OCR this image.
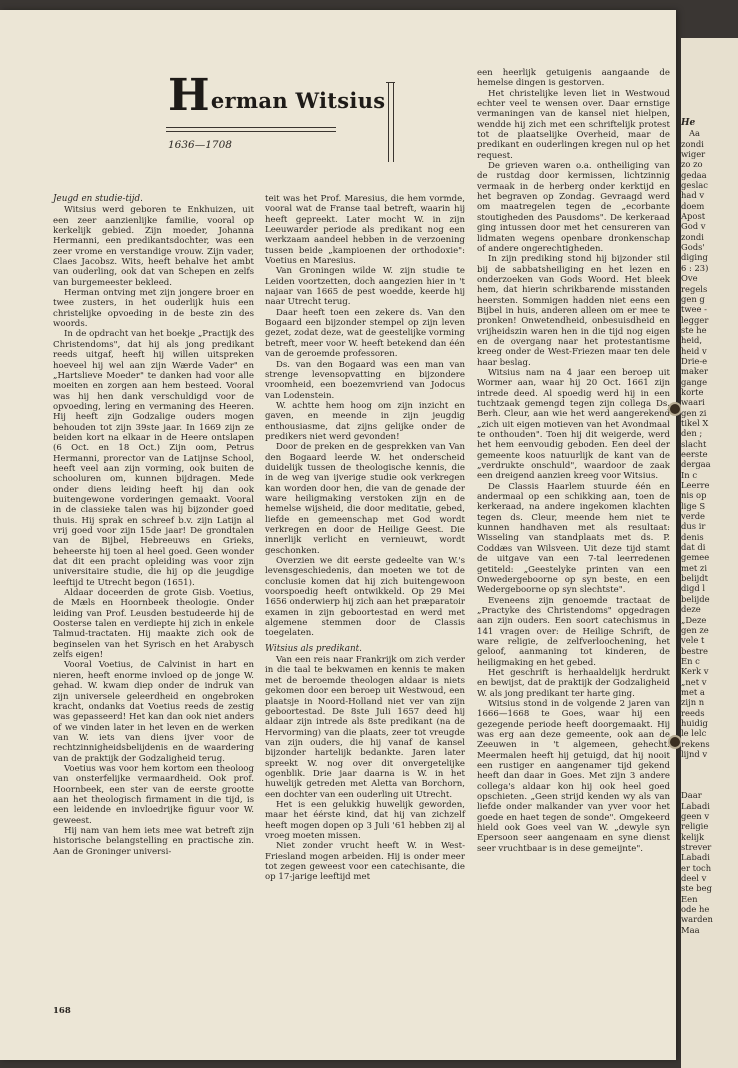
H erman Witsius
1636—1708
Jeugd en studie-tijd.

Witsius werd geboren te Enkhuizen, uit een zeer aanzienlijke familie, vooral op kerkelijk gebied. Zijn moeder, Johanna Hermanni, een predikantsdochter, was een zeer vrome en verstandige vrouw. Zijn vader, Claes Jacobsz. Wits, heeft behalve het ambt van ouderling, ook dat van Schepen en zelfs van burgemeester bekleed.

Herman ontving met zijn jongere broer en twee zusters, in het ouderlijk huis een christelijke opvoeding in de beste zin des woords.

In de opdracht van het boekje „Practijk des Christendoms", dat hij als jong predikant reeds uitgaf, heeft hij willen uitspreken hoeveel hij wel aan zijn Wærde Vader" en „Hartslieve Moeder" te danken had voor alle moeiten en zorgen aan hem besteed. Vooral was hij hen dank verschuldigd voor de opvoeding, lering en vermaning des Heeren. Hij heeft zijn Godzalige ouders mogen behouden tot zijn 39ste jaar. In 1669 zijn ze beiden kort na elkaar in de Heere ontslapen (6 Oct. en 18 Oct.) Zijn oom, Petrus Hermanni, prorector van de Latijnse School, heeft veel aan zijn vorming, ook buiten de schooluren om, kunnen bijdragen. Mede onder diens leiding heeft hij dan ook buitengewone vorderingen gemaakt. Vooral in de classieke talen was hij bijzonder goed thuis. Hij sprak en schreef b.v. zijn Latijn al vrij goed voor zijn 15de jaar! De grondtalen van de Bijbel, Hebreeuws en Grieks, beheerste hij toen al heel goed. Geen wonder dat dit een pracht opleiding was voor zijn universitaire studie, die hij op die jeugdige leeftijd te Utrecht begon (1651).

Aldaar doceerden de grote Gisb. Voetius, de Mæls en Hoornbeek theologie. Onder leiding van Prof. Leusden bestudeerde hij de Oosterse talen en verdiepte hij zich in enkele Talmud-tractaten. Hij maakte zich ook de beginselen van het Syrisch en het Arabysch zelfs eigen!

Vooral Voetius, de Calvinist in hart en nieren, heeft enorme invloed op de jonge W. gehad. W. kwam diep onder de indruk van zijn universele geleerdheid en ongebroken kracht, ondanks dat Voetius reeds de zestig was gepasseerd! Het kan dan ook niet anders of we vinden later in het leven en de werken van W. iets van diens ijver voor de rechtzinnigheidsbelijdenis en de waardering van de praktijk der Godzaligheid terug.

Voetius was voor hem kortom een theoloog van onsterfelijke vermaardheid. Ook prof. Hoornbeek, een ster van de eerste grootte aan het theologisch firmament in die tijd, is een leidende en invloedrijke figuur voor W. geweest.

Hij nam van hem iets mee wat betreft zijn historische belangstelling en practische zin. Aan de Groninger universi-

teit was het Prof. Maresius, die hem vormde, vooral wat de Franse taal betreft, waarin hij heeft gepreekt. Later mocht W. in zijn Leeuwarder periode als predikant nog een werkzaam aandeel hebben in de verzoening tussen beide „kampioenen der orthodoxie": Voetius en Maresius.

Van Groningen wilde W. zijn studie te Leiden voortzetten, doch aangezien hier in 't najaar van 1665 de pest woedde, keerde hij naar Utrecht terug.

Daar heeft toen een zekere ds. Van den Bogaard een bijzonder stempel op zijn leven gezet, zodat deze, wat de geestelijke vorming betreft, meer voor W. heeft betekend dan één van de geroemde professoren.

Ds. van den Bogaard was een man van strenge levensopvatting en bijzondere vroomheid, een boezemvriend van Jodocus van Lodenstein.

W. achtte hem hoog om zijn inzicht en gaven, en meende in zijn jeugdig enthousiasme, dat zijns gelijke onder de predikers niet werd gevonden!

Door de preken en de gesprekken van Van den Bogaard leerde W. het onderscheid duidelijk tussen de theologische kennis, die in de weg van ijverige studie ook verkregen kan worden door hen, die van de genade der ware heiligmaking verstoken zijn en de hemelse wijsheid, die door meditatie, gebed, liefde en gemeenschap met God wordt verkregen en door de Heilige Geest. Die innerlijk verlicht en vernieuwt, wordt geschonken.

Overzien we dit eerste gedeelte van W.'s levensgeschiedenis, dan moeten we tot de conclusie komen dat hij zich buitengewoon voorspoedig heeft ontwikkeld. Op 29 Mei 1656 onderwierp hij zich aan het præparatoir examen in zijn geboortestad en werd met algemene stemmen door de Classis toegelaten.

Witsius als predikant.

Van een reis naar Frankrijk om zich verder in die taal te bekwamen en kennis te maken met de beroemde theologen aldaar is niets gekomen door een beroep uit Westwoud, een plaatsje in Noord-Holland niet ver van zijn geboortestad. De 8ste Juli 1657 deed hij aldaar zijn intrede als 8ste predikant (na de Hervorming) van die plaats, zeer tot vreugde van zijn ouders, die hij vanaf de kansel bijzonder hartelijk bedankte. Jaren later spreekt W. nog over dit onvergetelijke ogenblik. Drie jaar daarna is W. in het huwelijk getreden met Aletta van Borchorn, een dochter van een ouderling uit Utrecht.

Het is een gelukkig huwelijk geworden, maar het éérste kind, dat hij van zichzelf heeft mogen dopen op 3 Juli '61 hebben zij al vroeg moeten missen.

Niet zonder vrucht heeft W. in West-Friesland mogen arbeiden. Hij is onder meer tot zegen geweest voor een catechisante, die op 17-jarige leeftijd met

een heerlijk getuigenis aangaande de hemelse dingen is gestorven.

Het christelijke leven liet in Westwoud echter veel te wensen over. Daar ernstige vermaningen van de kansel niet hielpen, wendde hij zich met een schriftelijk protest tot de plaatselijke Overheid, maar de predikant en ouderlingen kregen nul op het request.

De grieven waren o.a. ontheiliging van de rustdag door kermissen, lichtzinnig vermaak in de herberg onder kerktijd en het begraven op Zondag. Gevraagd werd om maatregelen tegen de „ecorbante stoutigheden des Pausdoms". De kerkeraad ging intussen door met het censureren van lidmaten wegens openbare dronkenschap of andere ongerechtigheden.

In zijn prediking stond hij bijzonder stil bij de sabbatsheiliging en het lezen en onderzoeken van Gods Woord. Het bleek hem, dat hierin schrikbarende misstanden heersten. Sommigen hadden niet eens een Bijbel in huis, anderen alleen om er mee te pronken! Onwetendheid, onbesuisdheid en vrijheidszin waren hen in die tijd nog eigen en de overgang naar het protestantisme kreeg onder de West-Friezen maar ten dele haar beslag.

Witsius nam na 4 jaar een beroep uit Wormer aan, waar hij 20 Oct. 1661 zijn intrede deed. Al spoedig werd hij in een tuchtzaak gemengd tegen zijn collega Ds. Berh. Cleur, aan wie het werd aangerekend „zich uit eigen motieven van het Avondmaal te onthouden". Toen hij dit weigerde, werd het hem eenvoudig geboden. Een deel der gemeente koos natuurlijk de kant van de „verdrukte onschuld", waardoor de zaak een dreigend aanzien kreeg voor Witsius.

De Classis Haarlem stuurde één en andermaal op een schikking aan, toen de kerkeraad, na andere ingekomen klachten tegen ds. Cleur, meende hem niet te kunnen handhaven met als resultaat: Wisseling van standplaats met ds. P. Coddæs van Wilsveen. Uit deze tijd stamt de uitgave van een 7-tal leerredenen getiteld: „Geestelyke printen van een Onwedergeboorne op syn beste, en een Wedergeboorne op syn slechtste".

Eveneens zijn genoemde tractaat de „Practyke des Christendoms" opgedragen aan zijn ouders. Een soort catechismus in 141 vragen over: de Heilige Schrift, de ware religie, de zelfverloochening, het geloof, aanmaning tot kinderen, de heiligmaking en het gebed.

Het geschrift is herhaaldelijk herdrukt en bewijst, dat de praktijk der Godzaligheid W. als jong predikant ter harte ging.

Witsius stond in de volgende 2 jaren van 1666—1668 te Goes, waar hij een gezegende periode heeft doorgemaakt. Hij was erg aan deze gemeente, ook aan de Zeeuwen in 't algemeen, gehecht. Meermalen heeft hij getuigd, dat hij nooit een rustiger en aangenamer tijd gekend heeft dan daar in Goes. Met zijn 3 andere collega's aldaar kon hij ook heel goed opschieten. „Geen strijd kenden wy als van liefde onder malkander van yver voor het goede en haet tegen de sonde". Omgekeerd hield ook Goes veel van W. „dewyle syn Epersoon seer aangenaam en syne dienst seer vruchtbaar is in dese gemeijnte".

168
He
Aa
zondi
wiger
zo zo
gedaa
geslac
had v
doem
Apost
God v
zondi
Gods'
diging
6 : 23)
Ove
regels
gen g
twee -
legger
ste he
heid,
heid v
Drie-e
maker
gange
korte
waari
gen zi
tikel X
den ;
slacht
eerste
dergaa
In c
Leerre
nis op
lige S
verde
dus ir
denis
dat di
gemee
met zi
belijdt
digd l
belijde
deze
„Deze
gen ze
vele t
bestre
En c
Kerk v
„net v
met a
zijn n
reeds
huidig
le lelc
rekens
lijnd v
Daar
Labadi
geen v
religie
kelijk
strever
Labadi
er toch
deel v
ste beg
Een
ode he
warden
Maa
